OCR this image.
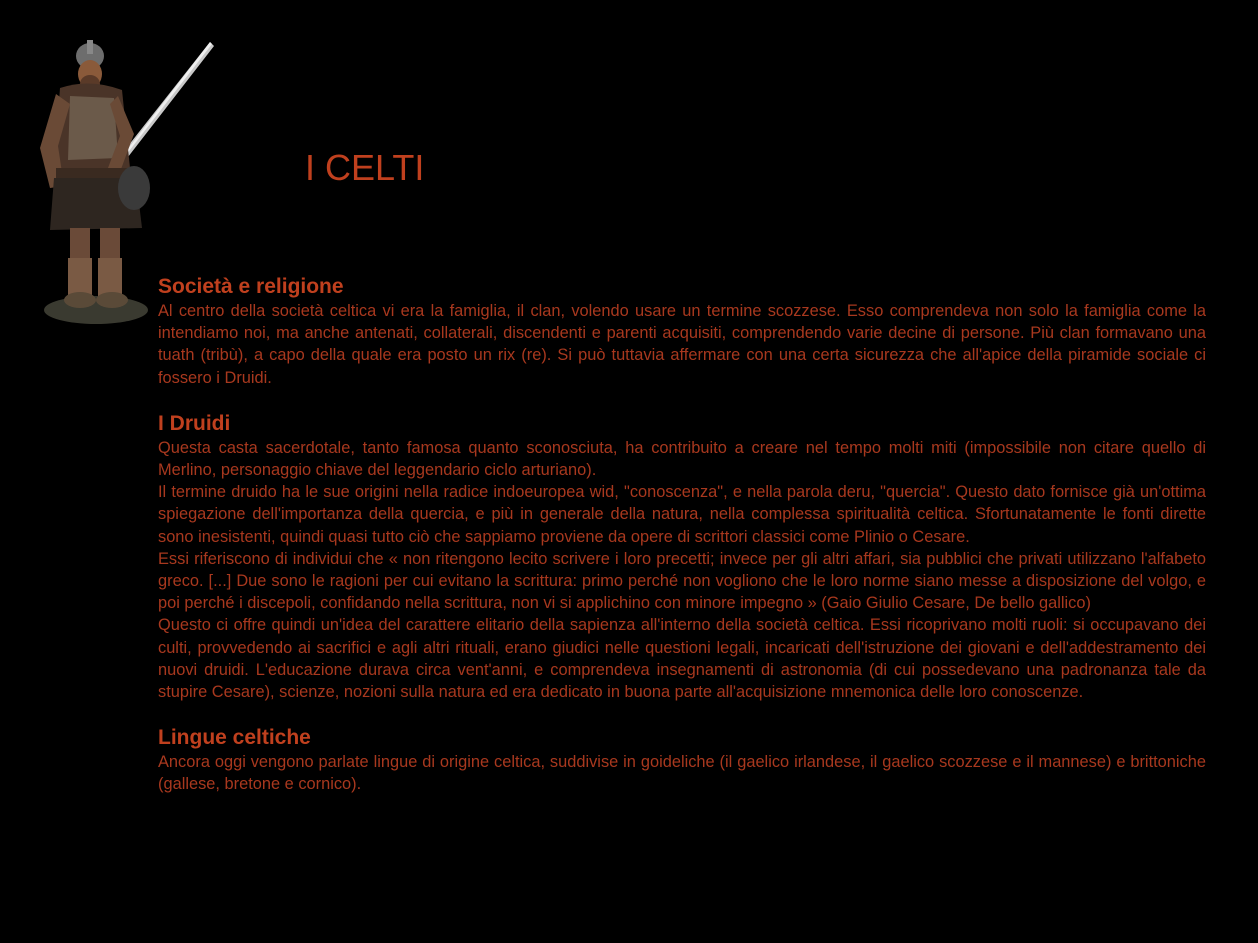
I CELTI
Società e religione

Al centro della società celtica vi era la famiglia, il clan, volendo usare un termine scozzese. Esso comprendeva non solo la famiglia come la intendiamo noi, ma anche antenati, collaterali, discendenti e parenti acquisiti, comprendendo varie decine di persone. Più clan formavano una tuath (tribù), a capo della quale era posto un rix (re). Si può tuttavia affermare con una certa sicurezza che all'apice della piramide sociale ci fossero i Druidi.

I Druidi

Questa casta sacerdotale, tanto famosa quanto sconosciuta, ha contribuito a creare nel tempo molti miti (impossibile non citare quello di Merlino, personaggio chiave del leggendario ciclo arturiano).

Il termine druido ha le sue origini nella radice indoeuropea wid, "conoscenza", e nella parola deru, "quercia". Questo dato fornisce già un'ottima spiegazione dell'importanza della quercia, e più in generale della natura, nella complessa spiritualità celtica. Sfortunatamente le fonti dirette sono inesistenti, quindi quasi tutto ciò che sappiamo proviene da opere di scrittori classici come Plinio o Cesare.

Essi riferiscono di individui che « non ritengono lecito scrivere i loro precetti; invece per gli altri affari, sia pubblici che privati utilizzano l'alfabeto greco. [...] Due sono le ragioni per cui evitano la scrittura: primo perché non vogliono che le loro norme siano messe a disposizione del volgo, e poi perché i discepoli, confidando nella scrittura, non vi si applichino con minore impegno » (Gaio Giulio Cesare, De bello gallico)

Questo ci offre quindi un'idea del carattere elitario della sapienza all'interno della società celtica. Essi ricoprivano molti ruoli: si occupavano dei culti, provvedendo ai sacrifici e agli altri rituali, erano giudici nelle questioni legali, incaricati dell'istruzione dei giovani e dell'addestramento dei nuovi druidi. L'educazione durava circa vent'anni, e comprendeva insegnamenti di astronomia (di cui possedevano una padronanza tale da stupire Cesare), scienze, nozioni sulla natura ed era dedicato in buona parte all'acquisizione mnemonica delle loro conoscenze.

Lingue celtiche

Ancora oggi vengono parlate lingue di origine celtica, suddivise in goideliche (il gaelico irlandese, il gaelico scozzese e il mannese) e brittoniche (gallese, bretone e cornico).
